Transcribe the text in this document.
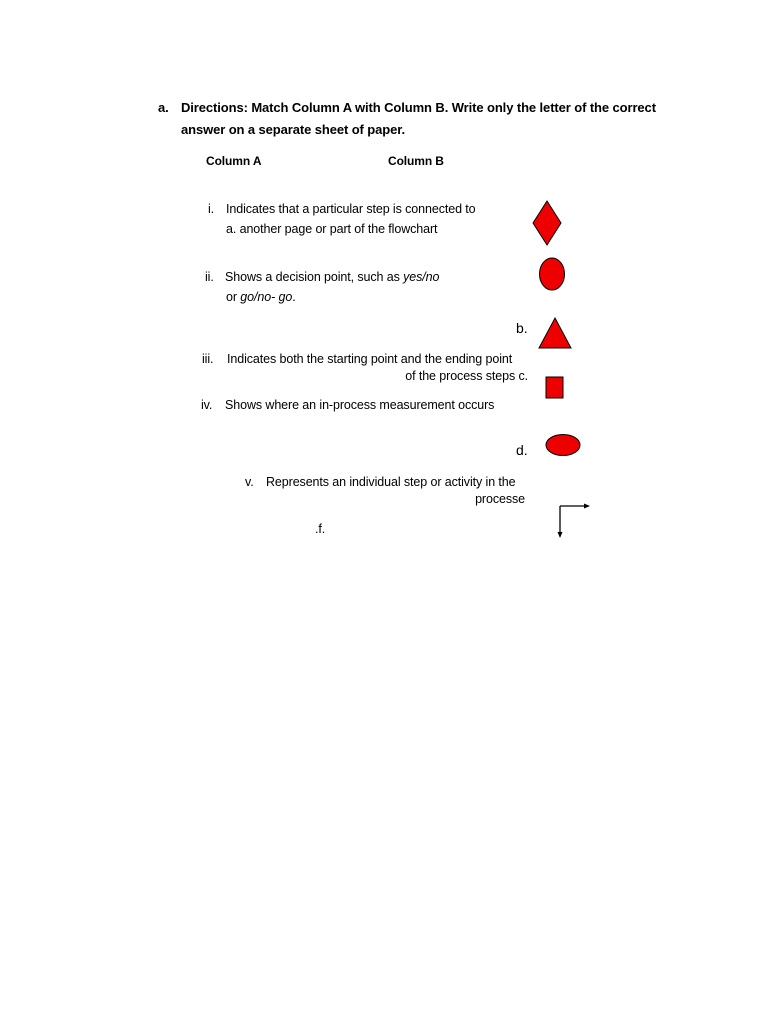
a. Directions: Match Column A with Column B. Write only the letter of the correct
answer on a separate sheet of paper.
Column A	Column B
i. Indicates that a particular step is connected to
a. another page or part of the flowchart
ii. Shows a decision point, such as yes/no
or go/no- go.
b.
iii. Indicates both the starting point and the ending point
of the process steps c.
iv. Shows where an in-process measurement occurs
d.
v. Represents an individual step or activity in the
processe
.f.
